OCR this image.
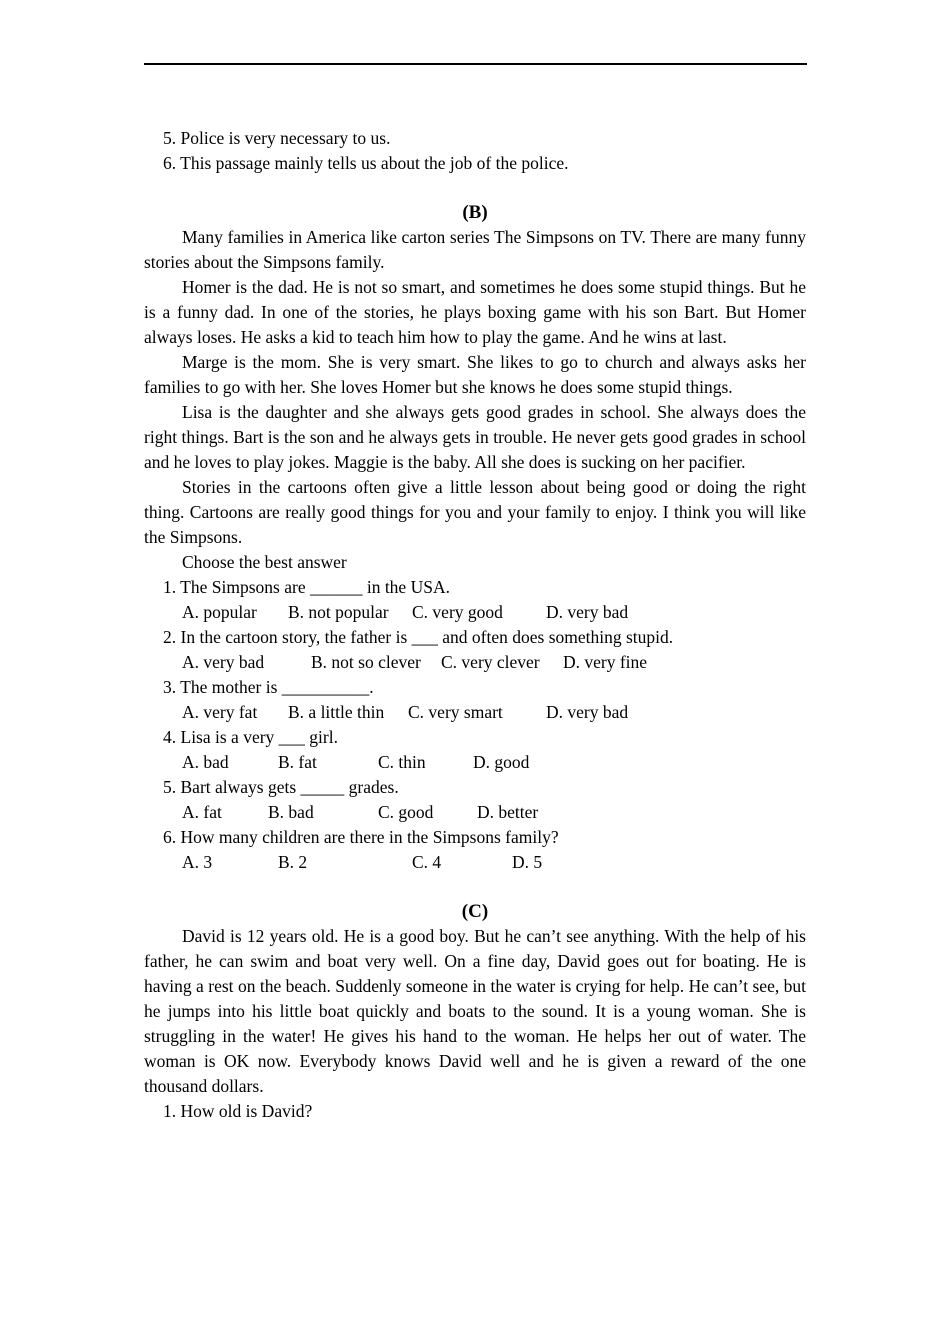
5. Police is very necessary to us.
6. This passage mainly tells us about the job of the police.
(B)

Many families in America like carton series The Simpsons on TV. There are many funny stories about the Simpsons family.

Homer is the dad. He is not so smart, and sometimes he does some stupid things. But he is a funny dad. In one of the stories, he plays boxing game with his son Bart. But Homer always loses. He asks a kid to teach him how to play the game. And he wins at last.

Marge is the mom. She is very smart. She likes to go to church and always asks her families to go with her. She loves Homer but she knows he does some stupid things.

Lisa is the daughter and she always gets good grades in school. She always does the right things. Bart is the son and he always gets in trouble. He never gets good grades in school and he loves to play jokes. Maggie is the baby. All she does is sucking on her pacifier.

Stories in the cartoons often give a little lesson about being good or doing the right thing. Cartoons are really good things for you and your family to enjoy. I think you will like the Simpsons.

Choose the best answer
1. The Simpsons are ______ in the USA.
A. popular B. not popular C. very good D. very bad
2. In the cartoon story, the father is ___ and often does something stupid.
A. very bad	B. not so clever C. very clever D. very fine
3. The mother is __________.
A. very fat B. a little thin C. very smart D. very bad
4. Lisa is a very ___ girl.
A. bad	B. fat	C. thin	D. good
5. Bart always gets _____ grades.
A. fat	B. bad	C. good D. better
6. How many children are there in the Simpsons family?
A. 3	B. 2	C. 4	D. 5
(C)

David is 12 years old. He is a good boy. But he can’t see anything. With the help of his father, he can swim and boat very well. On a fine day, David goes out for boating. He is having a rest on the beach. Suddenly someone in the water is crying for help. He can’t see, but he jumps into his little boat quickly and boats to the sound. It is a young woman. She is struggling in the water! He gives his hand to the woman. He helps her out of water. The woman is OK now. Everybody knows David well and he is given a reward of the one thousand dollars.

1. How old is David?
